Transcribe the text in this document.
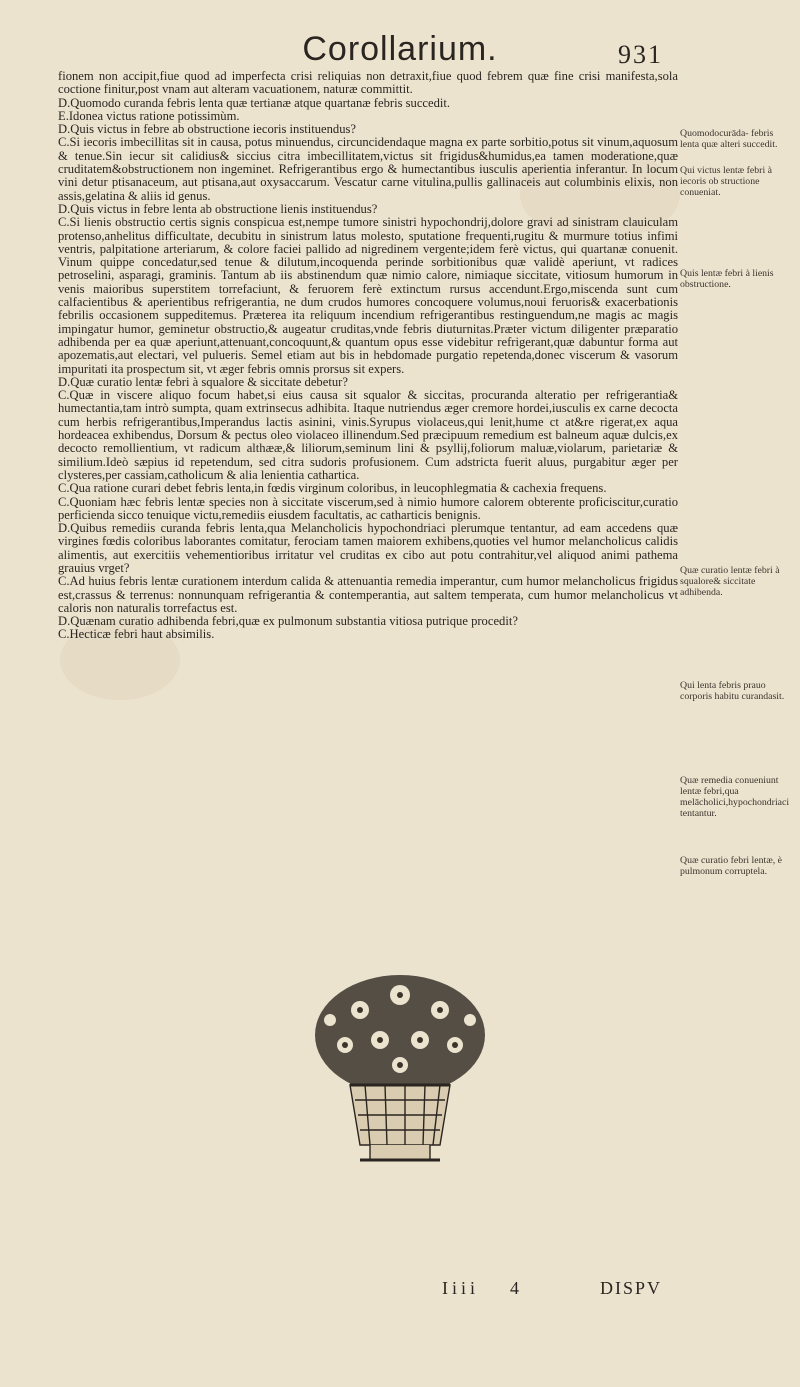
Corollarium.	931

fionem non accipit,fiue quod ad imperfecta crisi reliquias non detraxit,fiue quod febrem quæ fine crisi manifesta,sola coctione finitur,post vnam aut alteram vacuationem, naturæ committit.

D.Quomodo curanda febris lenta quæ tertianæ atque quartanæ febris succedit.

E.Idonea victus ratione potissimùm.

D.Quis victus in febre ab obstructione iecoris instituendus?

C.Si iecoris imbecillitas sit in causa, potus minuendus, circuncidendaque magna ex parte sorbitio,potus sit vinum,aquosum & tenue.Sin iecur sit calidius& siccius citra imbecillitatem,victus sit frigidus&humidus,ea tamen moderatione,quæ cruditatem&obstructionem non ingeminet. Refrigerantibus ergo & humectantibus iusculis aperientia inferantur. In locum vini detur ptisanaceum, aut ptisana,aut oxysaccarum. Vescatur carne vitulina,pullis gallinaceis aut columbinis elixis, non assis,gelatina & aliis id genus.

D.Quis victus in febre lenta ab obstructione lienis instituendus?

C.Si lienis obstructio certis signis conspicua est,nempe tumore sinistri hypochondrij,dolore gravi ad sinistram clauiculam protenso,anhelitus difficultate, decubitu in sinistrum latus molesto, sputatione frequenti,rugitu & murmure totius infimi ventris, palpitatione arteriarum, & colore faciei pallido ad nigredinem vergente;idem ferè victus, qui quartanæ conuenit. Vinum quippe concedatur,sed tenue & dilutum,incoquenda perinde sorbitionibus quæ validè aperiunt, vt radices petroselini, asparagi, graminis. Tantum ab iis abstinendum quæ nimio calore, nimiaque siccitate, vitiosum humorum in venis maioribus superstitem torrefaciunt, & feruorem ferè extinctum rursus accendunt.Ergo,miscenda sunt cum calfacientibus & aperientibus refrigerantia, ne dum crudos humores concoquere volumus,noui feruoris& exacerbationis febrilis occasionem suppeditemus. Præterea ita reliquum incendium refrigerantibus restinguendum,ne magis ac magis impingatur humor, geminetur obstructio,& augeatur cruditas,vnde febris diuturnitas.Præter victum diligenter præparatio adhibenda per ea quæ aperiunt,attenuant,concoquunt,& quantum opus esse videbitur refrigerant,quæ dabuntur forma aut apozematis,aut electari, vel pulueris. Semel etiam aut bis in hebdomade purgatio repetenda,donec viscerum & vasorum impuritati ita prospectum sit, vt æger febris omnis prorsus sit expers.

D.Quæ curatio lentæ febri à squalore & siccitate debetur?

C.Quæ in viscere aliquo focum habet,si eius causa sit squalor & siccitas, procuranda alteratio per refrigerantia& humectantia,tam intrò sumpta, quam extrinsecus adhibita. Itaque nutriendus æger cremore hordei,iusculis ex carne decocta cum herbis refrigerantibus,Imperandus lactis asinini, vinis.Syrupus violaceus,qui lenit,hume ct at&re rigerat,ex aqua hordeacea exhibendus, Dorsum & pectus oleo violaceo illinendum.Sed præcipuum remedium est balneum aquæ dulcis,ex decocto remollientium, vt radicum althææ,& liliorum,seminum lini & psyllij,foliorum maluæ,violarum, parietariæ & similium.Ideò sæpius id repetendum, sed citra sudoris profusionem. Cum adstricta fuerit aluus, purgabitur æger per clysteres,per cassiam,catholicum & alia lenientia cathartica.

C.Qua ratione curari debet febris lenta,in fœdis virginum coloribus, in leucophlegmatia & cachexia frequens.

C.Quoniam hæc febris lentæ species non à siccitate viscerum,sed à nimio humore calorem obterente proficiscitur,curatio perficienda sicco tenuique victu,remediis eiusdem facultatis, ac catharticis benignis.

D.Quibus remediis curanda febris lenta,qua Melancholicis hypochondriaci plerumque tentantur, ad eam accedens quæ virgines fœdis coloribus laborantes comitatur, ferociam tamen maiorem exhibens,quoties vel humor melancholicus calidis alimentis, aut exercitiis vehementioribus irritatur vel cruditas ex cibo aut potu contrahitur,vel aliquod animi pathema grauius vrget?

C.Ad huius febris lentæ curationem interdum calida & attenuantia remedia imperantur, cum humor melancholicus frigidus est,crassus & terrenus: nonnunquam refrigerantia & contemperantia, aut saltem temperata, cum humor melancholicus vt caloris non naturalis torrefactus est.

D.Quænam curatio adhibenda febri,quæ ex pulmonum substantia vitiosa putrique procedit?

C.Hecticæ febri haut absimilis.

Quomodocurāda- febris lenta quæ alteri succedit.
Qui victus lentæ febri à iecoris ob structione conueniat.
Quis lentæ febri à lienis obstructione.
Quæ curatio lentæ febri à squalore& siccitate adhibenda.
Qui lenta febris prauo corporis habitu curandasit.
Quæ remedia conueniunt lentæ febri,qua melācholici,hypochondriaci tentantur.
Quæ curatio febri lentæ, è pulmonum corruptela.
Iiii 4	DISPV
